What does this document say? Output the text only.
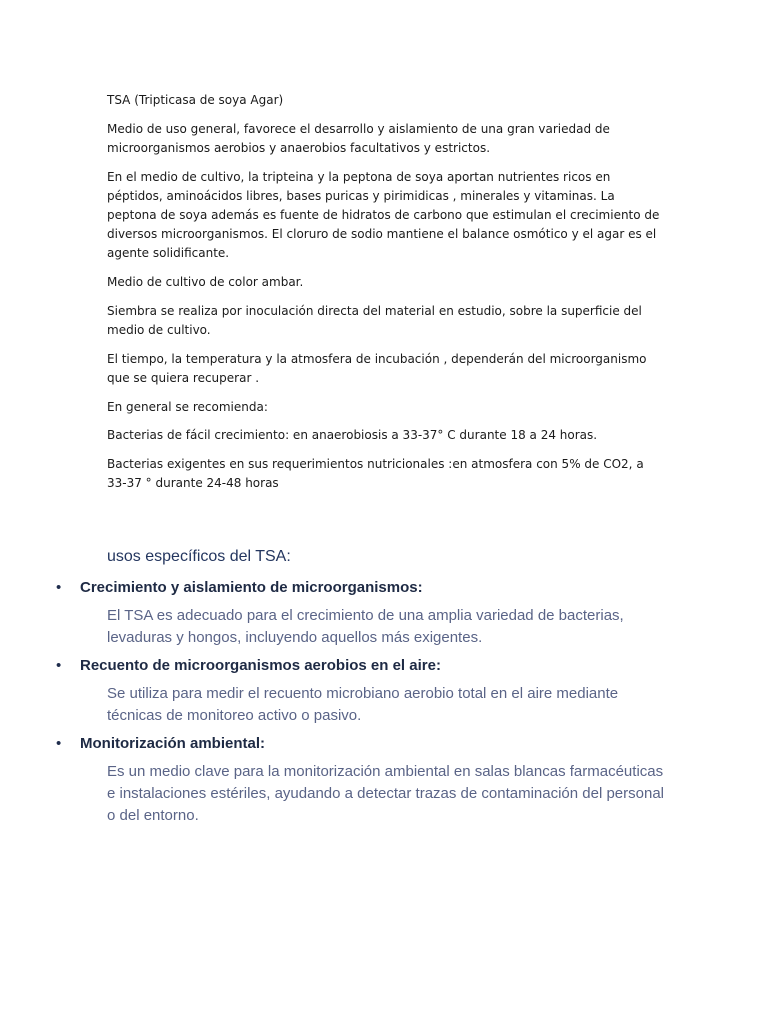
TSA (Tripticasa de soya Agar)

Medio de uso general, favorece el desarrollo y aislamiento de una gran variedad de microorganismos aerobios y anaerobios facultativos y estrictos.

En el medio de cultivo, la tripteina y la peptona de soya aportan nutrientes ricos en péptidos, aminoácidos libres, bases puricas y pirimidicas , minerales y vitaminas. La peptona de soya además es fuente de hidratos de carbono que estimulan el crecimiento de diversos microorganismos. El cloruro de sodio mantiene el balance osmótico y el agar es el agente solidificante.

Medio de cultivo de color ambar.

Siembra se realiza por inoculación directa del material en estudio, sobre la superficie del medio de cultivo.

El tiempo, la temperatura y la atmosfera de incubación , dependerán del microorganismo que se quiera recuperar .

En general se recomienda:

Bacterias de fácil crecimiento: en anaerobiosis a 33-37° C durante 18 a 24 horas.

Bacterias exigentes en sus requerimientos nutricionales :en atmosfera con 5% de CO2, a 33-37 ° durante 24-48 horas

usos específicos del TSA:
•	Crecimiento y aislamiento de microorganismos:
El TSA es adecuado para el crecimiento de una amplia variedad de bacterias, levaduras y hongos, incluyendo aquellos más exigentes.
•	Recuento de microorganismos aerobios en el aire:
Se utiliza para medir el recuento microbiano aerobio total en el aire mediante técnicas de monitoreo activo o pasivo.
•	Monitorización ambiental:
Es un medio clave para la monitorización ambiental en salas blancas farmacéuticas e instalaciones estériles, ayudando a detectar trazas de contaminación del personal o del entorno.
